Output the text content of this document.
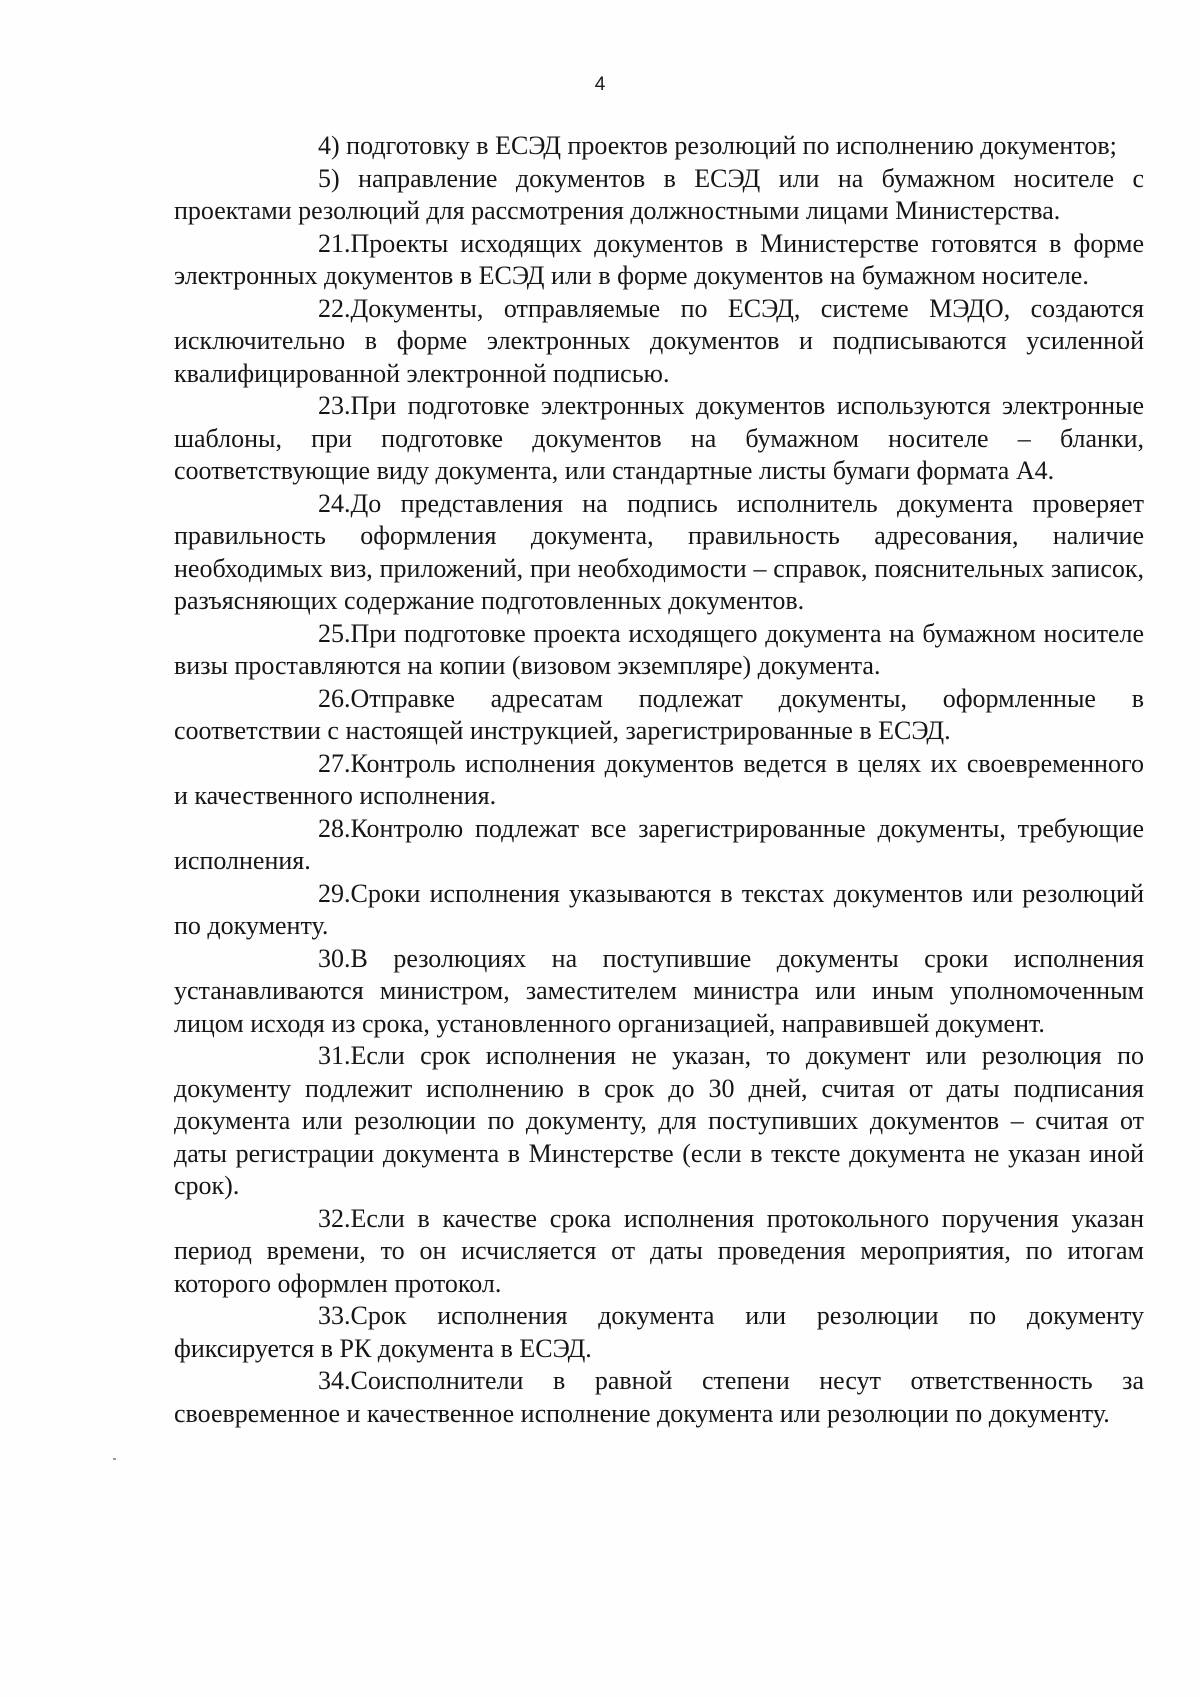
4

4) подготовку в ЕСЭД проектов резолюций по исполнению документов;

5) направление документов в ЕСЭД или на бумажном носителе с проектами резолюций для рассмотрения должностными лицами Министерства.

21.Проекты исходящих документов в Министерстве готовятся в форме электронных документов в ЕСЭД или в форме документов на бумажном носителе.

22.Документы, отправляемые по ЕСЭД, системе МЭДО, создаются исключительно в форме электронных документов и подписываются усиленной квалифицированной электронной подписью.

23.При подготовке электронных документов используются электронные шаблоны, при подготовке документов на бумажном носителе – бланки, соответствующие виду документа, или стандартные листы бумаги формата А4.

24.До представления на подпись исполнитель документа проверяет правильность оформления документа, правильность адресования, наличие необходимых виз, приложений, при необходимости – справок, пояснительных записок, разъясняющих содержание подготовленных документов.

25.При подготовке проекта исходящего документа на бумажном носителе визы проставляются на копии (визовом экземпляре) документа.

26.Отправке адресатам подлежат документы, оформленные в соответствии с настоящей инструкцией, зарегистрированные в ЕСЭД.

27.Контроль исполнения документов ведется в целях их своевременного и качественного исполнения.

28.Контролю подлежат все зарегистрированные документы, требующие исполнения.

29.Сроки исполнения указываются в текстах документов или резолюций по документу.

30.В резолюциях на поступившие документы сроки исполнения устанавливаются министром, заместителем министра или иным уполномоченным лицом исходя из срока, установленного организацией, направившей документ.

31.Если срок исполнения не указан, то документ или резолюция по документу подлежит исполнению в срок до 30 дней, считая от даты подписания документа или резолюции по документу, для поступивших документов – считая от даты регистрации документа в Минстерстве (если в тексте документа не указан иной срок).

32.Если в качестве срока исполнения протокольного поручения указан период времени, то он исчисляется от даты проведения мероприятия, по итогам которого оформлен протокол.

33.Срок исполнения документа или резолюции по документу фиксируется в РК документа в ЕСЭД.

34.Соисполнители в равной степени несут ответственность за своевременное и качественное исполнение документа или резолюции по документу.
